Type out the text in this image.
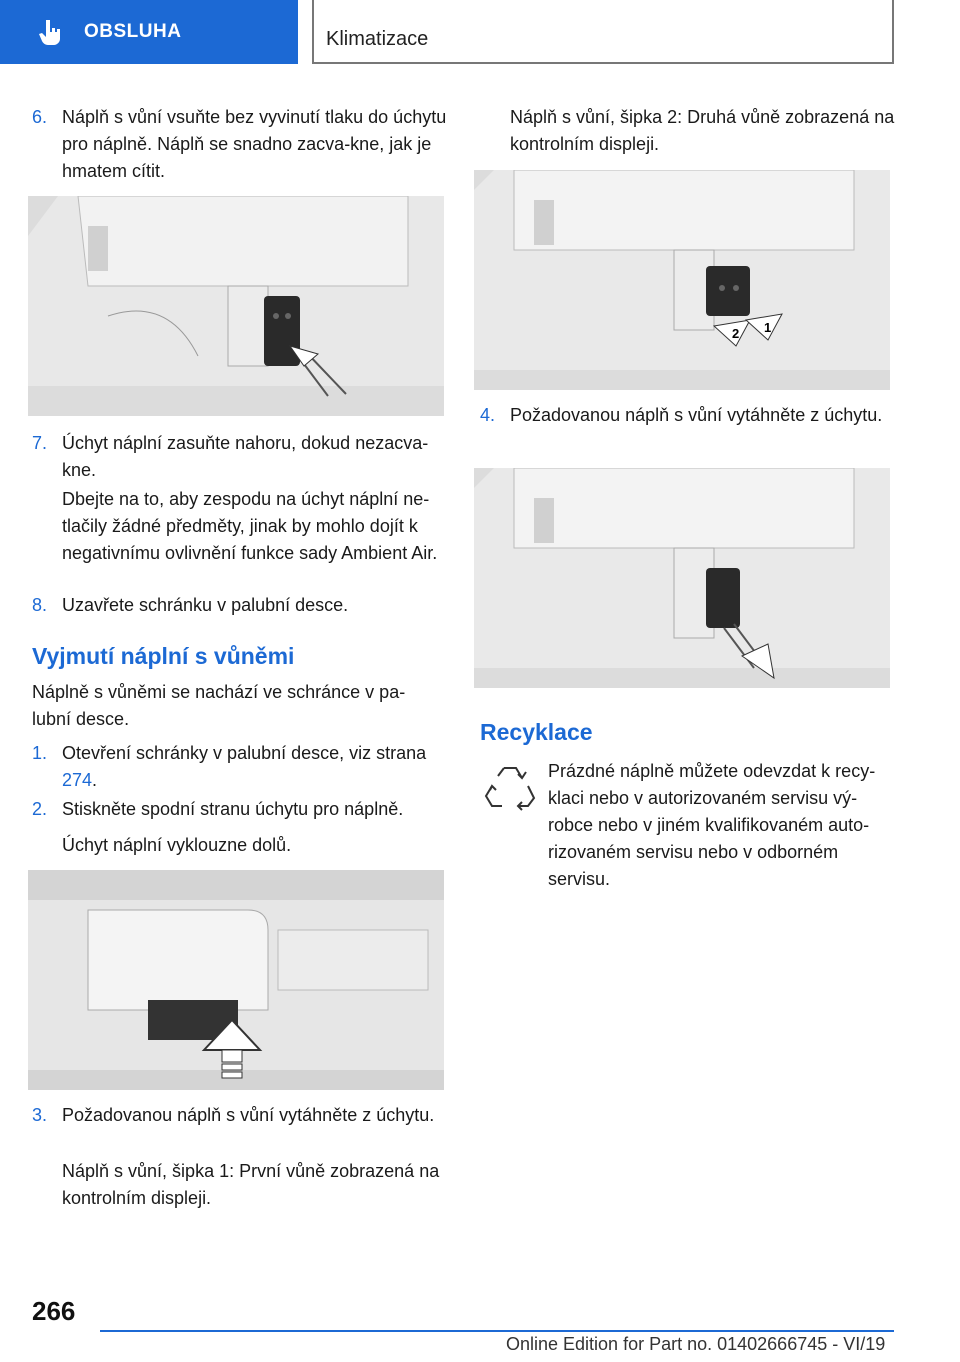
OBSLUHA	Klimatizace
6. Náplň s vůní vsuňte bez vyvinutí tlaku do úchytu pro náplně. Náplň se snadno zacva‐kne, jak je hmatem cítit.
7. Úchyt náplní zasuňte nahoru, dokud nezacva‐kne.
Dbejte na to, aby zespodu na úchyt náplní ne‐tlačily žádné předměty, jinak by mohlo dojít k negativnímu ovlivnění funkce sady Ambient Air.
8. Uzavřete schránku v palubní desce.
Vyjmutí náplní s vůněmi
Náplně s vůněmi se nachází ve schránce v pa‐lubní desce.
1. Otevření schránky v palubní desce, viz strana 274.
2. Stiskněte spodní stranu úchytu pro náplně.
Úchyt náplní vyklouzne dolů.
3. Požadovanou náplň s vůní vytáhněte z úchytu.
Náplň s vůní, šipka 1: První vůně zobrazená na kontrolním displeji.
Náplň s vůní, šipka 2: Druhá vůně zobrazená na kontrolním displeji.
2 1
4. Požadovanou náplň s vůní vytáhněte z úchytu.
Recyklace
Prázdné náplně můžete odevzdat k recy‐klaci nebo v autorizovaném servisu vý‐robce nebo v jiném kvalifikovaném auto‐rizovaném servisu nebo v odborném servisu.
266
Online Edition for Part no. 01402666745 - VI/19
